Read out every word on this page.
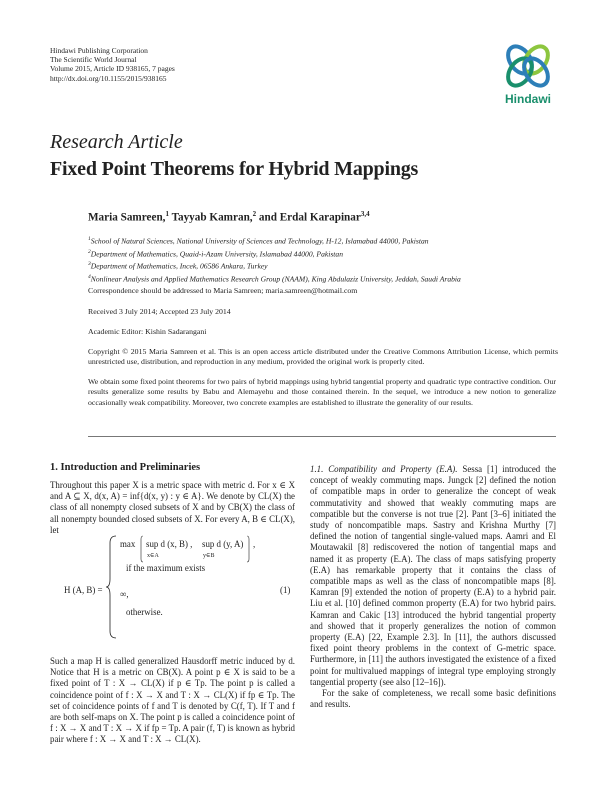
Hindawi Publishing Corporation
The Scientific World Journal
Volume 2015, Article ID 938165, 7 pages
http://dx.doi.org/10.1155/2015/938165
Hindawi
Research Article
Fixed Point Theorems for Hybrid Mappings
Maria Samreen,$^1$ Tayyab Kamran,$^2$ and Erdal Karapinar$^{3,4}$
$^1$School of Natural Sciences, National University of Sciences and Technology, H-12, Islamabad 44000, Pakistan
$^2$Department of Mathematics, Quaid-i-Azam University, Islamabad 44000, Pakistan
$^3$Department of Mathematics, Incek, 06586 Ankara, Turkey
$^4$Nonlinear Analysis and Applied Mathematics Research Group (NAAM), King Abdulaziz University, Jeddah, Saudi Arabia
Correspondence should be addressed to Maria Samreen; maria.samreen@hotmail.com
Received 3 July 2014; Accepted 23 July 2014
Academic Editor: Kishin Sadarangani
Copyright © 2015 Maria Samreen et al. This is an open access article distributed under the Creative Commons Attribution License, which permits unrestricted use, distribution, and reproduction in any medium, provided the original work is properly cited.
We obtain some fixed point theorems for two pairs of hybrid mappings using hybrid tangential property and quadratic type contractive condition. Our results generalize some results by Babu and Alemayehu and those contained therein. In the sequel, we introduce a new notion to generalize occasionally weak compatibility. Moreover, two concrete examples are established to illustrate the generality of our results.
1. Introduction and Preliminaries
Throughout this paper X is a metric space with metric d. For x ∈ X and A ⊆ X, d(x, A) = inf{d(x, y) : y ∈ A}. We denote by CL(X) the class of all nonempty closed subsets of X and by CB(X) the class of all nonempty bounded closed subsets of X. For every A, B ∈ CL(X), let
H (A, B) =
max sup d (x, B) ,
x∈A
sup d (y, A)
y∈B
,
if the maximum exists
∞,
otherwise.
(1)
Such a map H is called generalized Hausdorff metric induced by d. Notice that H is a metric on CB(X). A point p ∈ X is said to be a fixed point of T : X → CL(X) if p ∈ Tp. The point p is called a coincidence point of f : X → X and T : X → CL(X) if fp ∈ Tp. The set of coincidence points of f and T is denoted by C(f, T). If T and f are both self-maps on X. The point p is called a coincidence point of f : X → X and T : X → X if fp = Tp. A pair (f, T) is known as hybrid pair where f : X → X and T : X → CL(X).

1.1. Compatibility and Property (E.A). Sessa [1] introduced the concept of weakly commuting maps. Jungck [2] defined the notion of compatible maps in order to generalize the concept of weak commutativity and showed that weakly commuting maps are compatible but the converse is not true [2]. Pant [3–6] initiated the study of noncompatible maps. Sastry and Krishna Murthy [7] defined the notion of tangential single-valued maps. Aamri and El Moutawakil [8] rediscovered the notion of tangential maps and named it as property (E.A). The class of maps satisfying property (E.A) has remarkable property that it contains the class of compatible maps as well as the class of noncompatible maps [8]. Kamran [9] extended the notion of property (E.A) to a hybrid pair. Liu et al. [10] defined common property (E.A) for two hybrid pairs. Kamran and Cakic [13] introduced the hybrid tangential property and showed that it properly generalizes the notion of common property (E.A) [22, Example 2.3]. In [11], the authors discussed fixed point theory problems in the context of G-metric space. Furthermore, in [11] the authors investigated the existence of a fixed point for multivalued mappings of integral type employing strongly tangential property (see also [12–16]).

For the sake of completeness, we recall some basic definitions and results.
